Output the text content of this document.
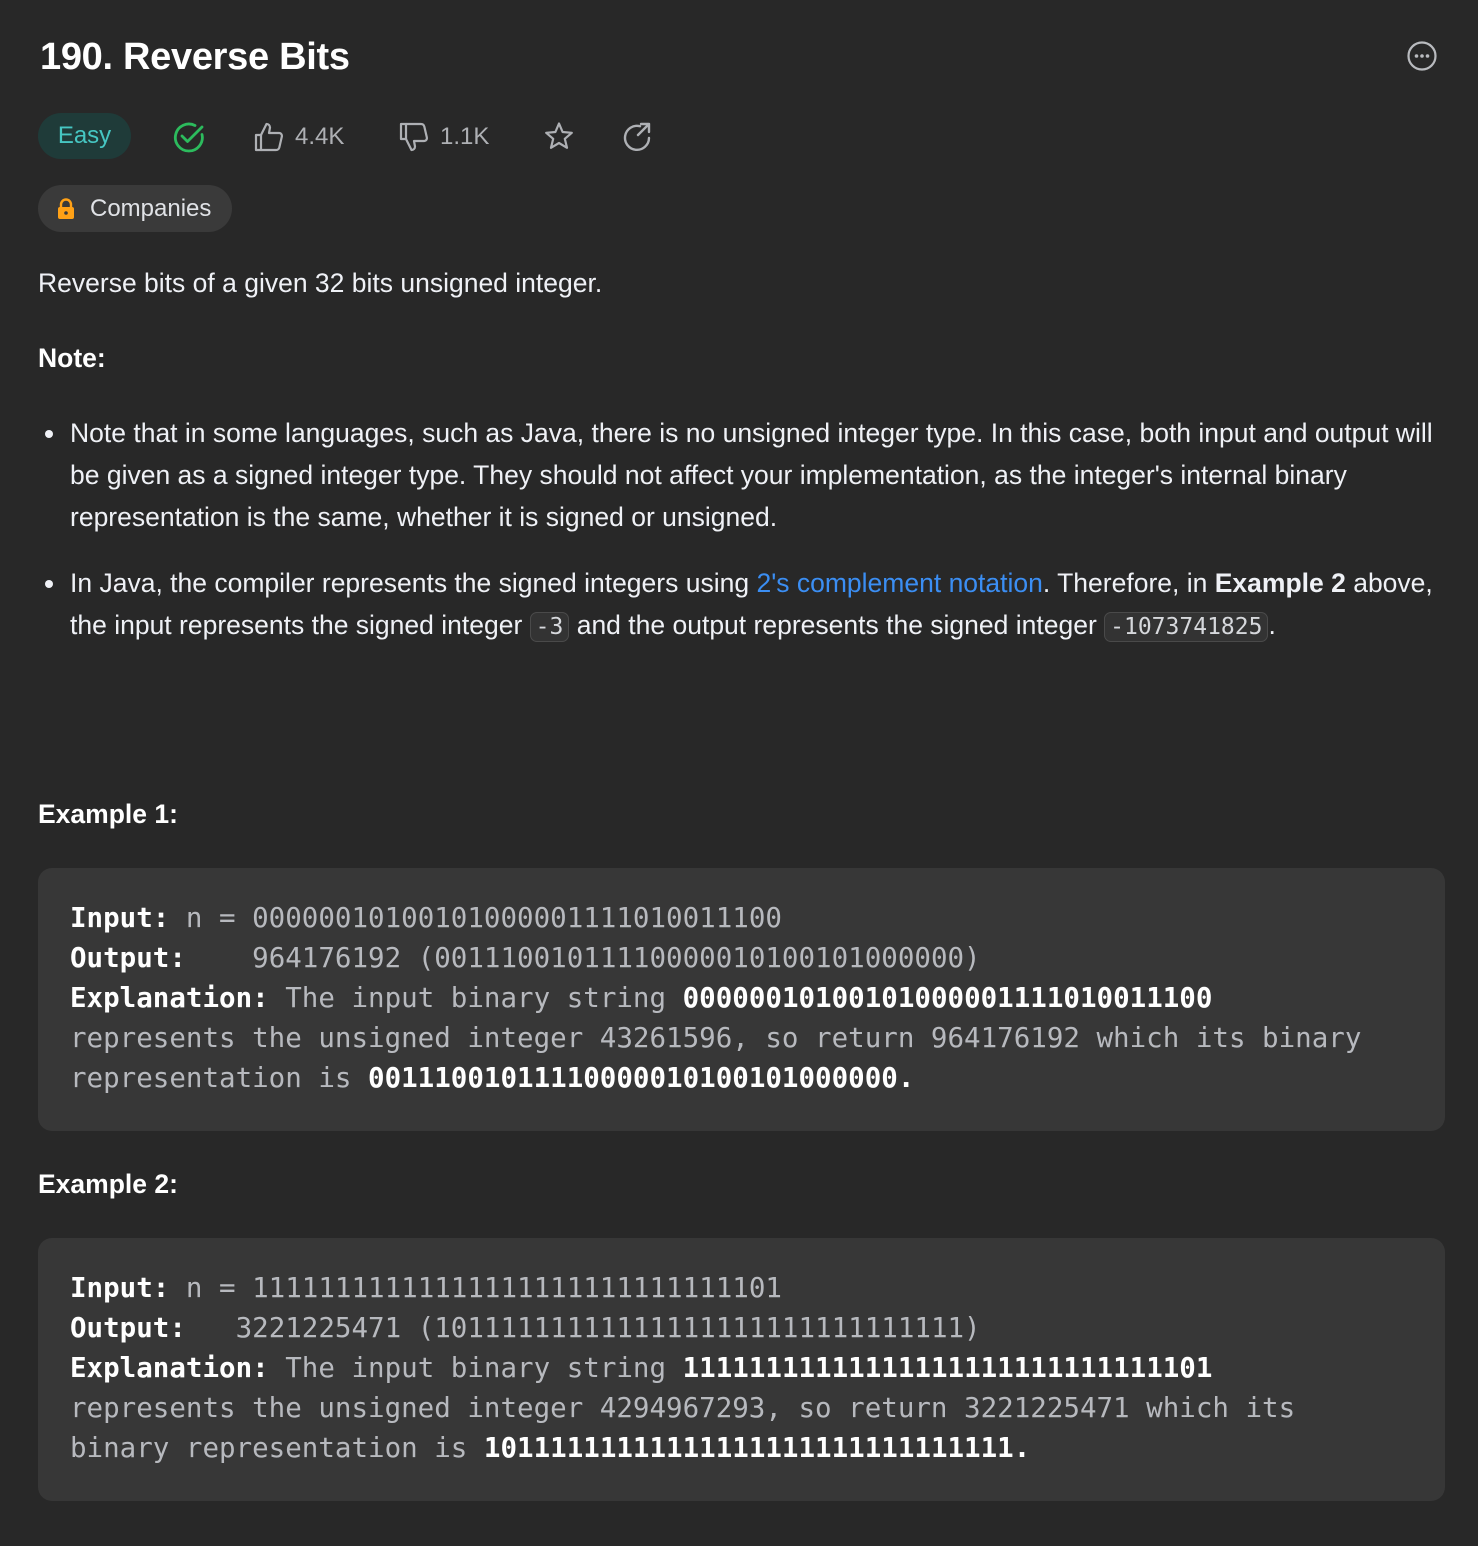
190. Reverse Bits
Easy	4.4K	1.1K
Companies

Reverse bits of a given 32 bits unsigned integer.

Note:

Note that in some languages, such as Java, there is no unsigned integer type. In this case, both input and output will be given as a signed integer type. They should not affect your implementation, as the integer's internal binary representation is the same, whether it is signed or unsigned.
In Java, the compiler represents the signed integers using 2's complement notation. Therefore, in Example 2 above, the input represents the signed integer -3 and the output represents the signed integer -1073741825 .

Example 1:

Input: n = 00000010100101000001111010011100
Output:    964176192 (00111001011110000010100101000000)
Explanation: The input binary string 00000010100101000001111010011100
represents the unsigned integer 43261596, so return 964176192 which its binary
representation is 00111001011110000010100101000000.

Example 2:

Input: n = 11111111111111111111111111111101
Output:   3221225471 (10111111111111111111111111111111)
Explanation: The input binary string 11111111111111111111111111111101
represents the unsigned integer 4294967293, so return 3221225471 which its
binary representation is 10111111111111111111111111111111.
